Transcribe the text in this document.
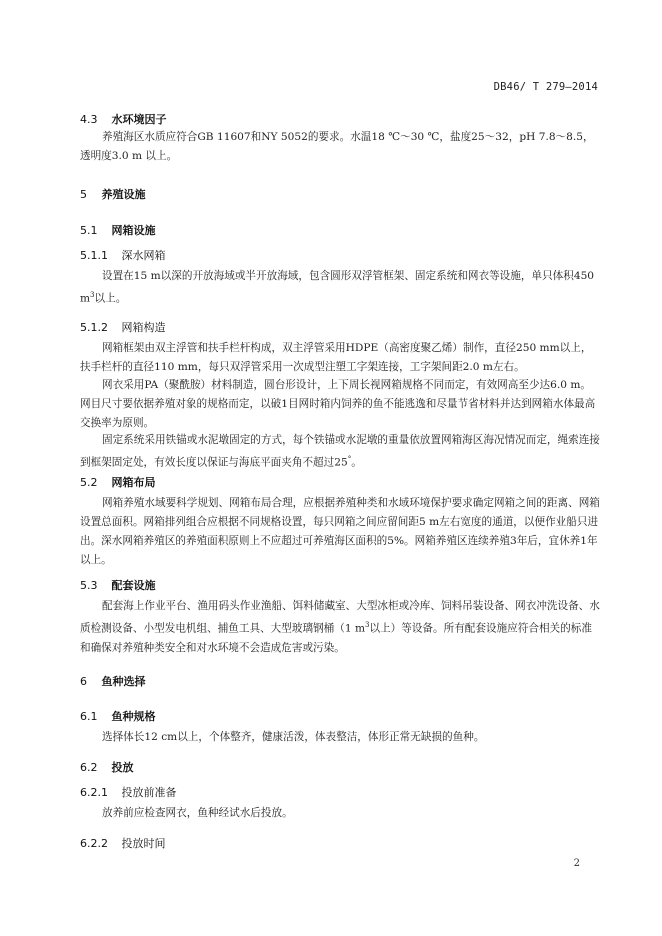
DB46/ T 279—2014
4.3 水环境因子
养殖海区水质应符合GB 11607和NY 5052的要求。水温18 ℃～30 ℃，盐度25～32，pH 7.8～8.5，透明度3.0 m 以上。
5 养殖设施
5.1 网箱设施
5.1.1 深水网箱
设置在15 m以深的开放海域或半开放海域，包含圆形双浮管框架、固定系统和网衣等设施，单只体积450 $m^3$以上。
5.1.2 网箱构造
网箱框架由双主浮管和扶手栏杆构成，双主浮管采用HDPE（高密度聚乙烯）制作，直径250 mm以上，扶手栏杆的直径110 mm，每只双浮管采用一次成型注塑工字架连接，工字架间距2.0 m左右。
网衣采用PA（聚酰胺）材料制造，圆台形设计，上下周长视网箱规格不同而定，有效网高至少达6.0 m。网目尺寸要依据养殖对象的规格而定，以破1目网时箱内饲养的鱼不能逃逸和尽量节省材料并达到网箱水体最高交换率为原则。
固定系统采用铁锚或水泥墩固定的方式，每个铁锚或水泥墩的重量依放置网箱海区海况情况而定，绳索连接到框架固定处，有效长度以保证与海底平面夹角不超过25°。
5.2 网箱布局
网箱养殖水域要科学规划、网箱布局合理，应根据养殖种类和水域环境保护要求确定网箱之间的距离、网箱设置总面积。网箱排列组合应根据不同规格设置，每只网箱之间应留间距5 m左右宽度的通道，以便作业船只进出。深水网箱养殖区的养殖面积原则上不应超过可养殖海区面积的5%。网箱养殖区连续养殖3年后，宜休养1年以上。
5.3 配套设施
配套海上作业平台、渔用码头作业渔船、饵料储藏室、大型冰柜或冷库、饲料吊装设备、网衣冲洗设备、水质检测设备、小型发电机组、捕鱼工具、大型玻璃钢桶（1 $m^3$以上）等设备。所有配套设施应符合相关的标准和确保对养殖种类安全和对水环境不会造成危害或污染。
6 鱼种选择
6.1 鱼种规格
选择体长12 cm以上，个体整齐，健康活泼，体表整洁，体形正常无缺损的鱼种。
6.2 投放
6.2.1 投放前准备
放养前应检查网衣，鱼种经试水后投放。
6.2.2 投放时间
2
